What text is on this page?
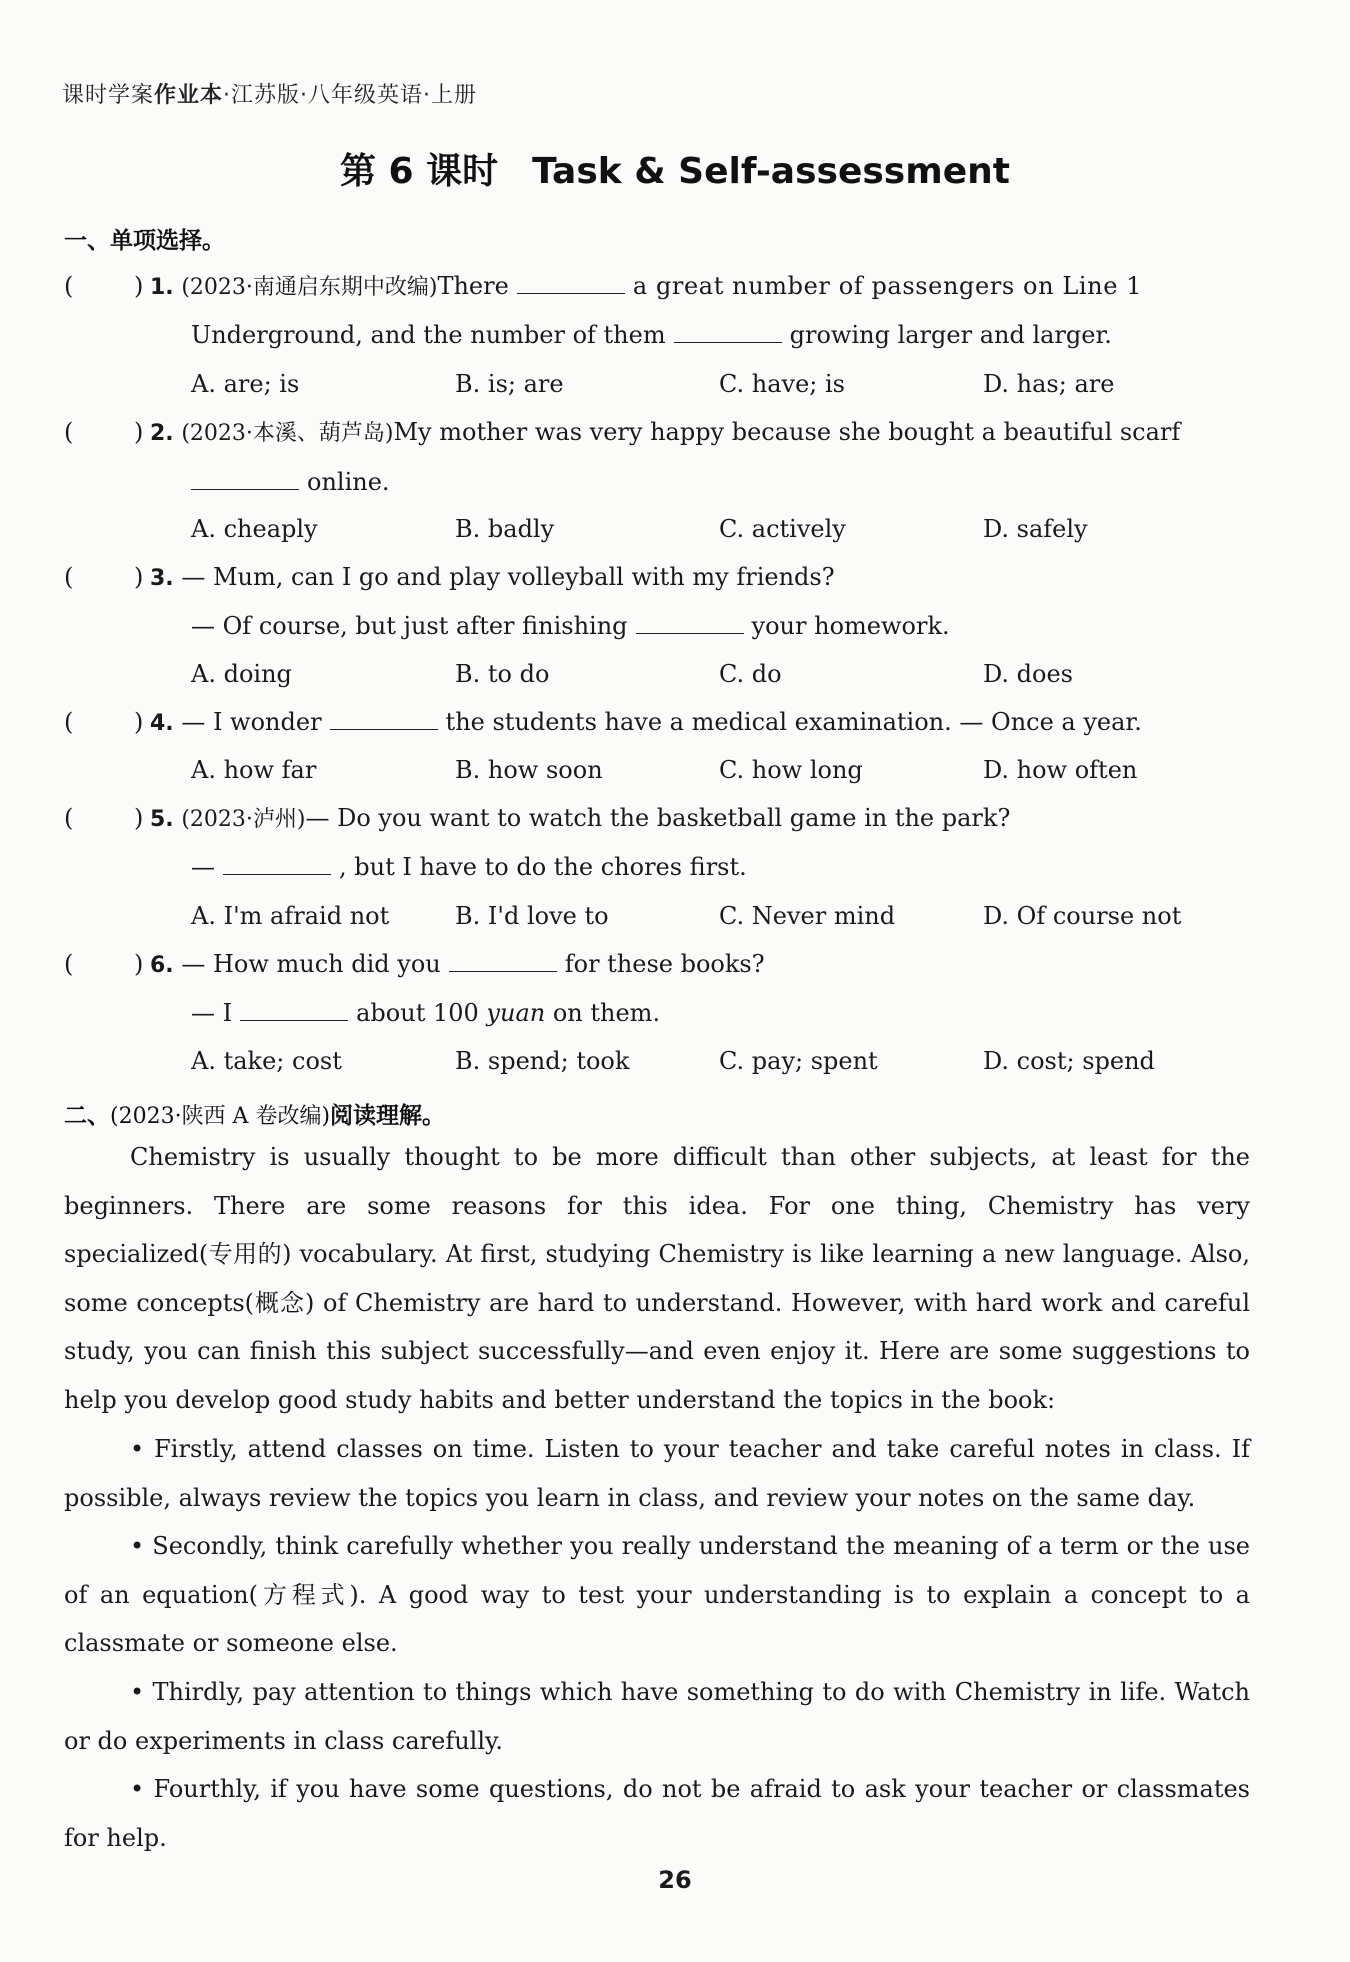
课时学案作业本·江苏版·八年级英语·上册
第 6 课时 Task & Self-assessment
一、单项选择。
(	) 1. (2023·南通启东期中改编)There	a great number of passengers on Line 1
Underground, and the number of them	growing larger and larger.
A. are; is	B. is; are	C. have; is	D. has; are
(	) 2. (2023·本溪、葫芦岛)My mother was very happy because she bought a beautiful scarf
online.
A. cheaply	B. badly	C. actively	D. safely
(	) 3. — Mum, can I go and play volleyball with my friends?
— Of course, but just after finishing	your homework.
A. doing	B. to do	C. do	D. does
(	) 4. — I wonder	the students have a medical examination. — Once a year.
A. how far	B. how soon	C. how long	D. how often
(	) 5. (2023·泸州)— Do you want to watch the basketball game in the park?
—	, but I have to do the chores first.
A. I'm afraid not	B. I'd love to	C. Never mind	D. Of course not
(	) 6. — How much did you	for these books?
— I	about 100 yuan on them.
A. take; cost	B. spend; took	C. pay; spent	D. cost; spend
二、(2023·陕西 A 卷改编)阅读理解。
Chemistry is usually thought to be more difficult than other subjects, at least for the beginners. There are some reasons for this idea. For one thing, Chemistry has very specialized(专用的) vocabulary. At first, studying Chemistry is like learning a new language. Also, some concepts(概念) of Chemistry are hard to understand. However, with hard work and careful study, you can finish this subject successfully—and even enjoy it. Here are some suggestions to help you develop good study habits and better understand the topics in the book:
• Firstly, attend classes on time. Listen to your teacher and take careful notes in class. If possible, always review the topics you learn in class, and review your notes on the same day.
• Secondly, think carefully whether you really understand the meaning of a term or the use of an equation(方程式). A good way to test your understanding is to explain a concept to a classmate or someone else.
• Thirdly, pay attention to things which have something to do with Chemistry in life. Watch or do experiments in class carefully.
• Fourthly, if you have some questions, do not be afraid to ask your teacher or classmates for help.
26
